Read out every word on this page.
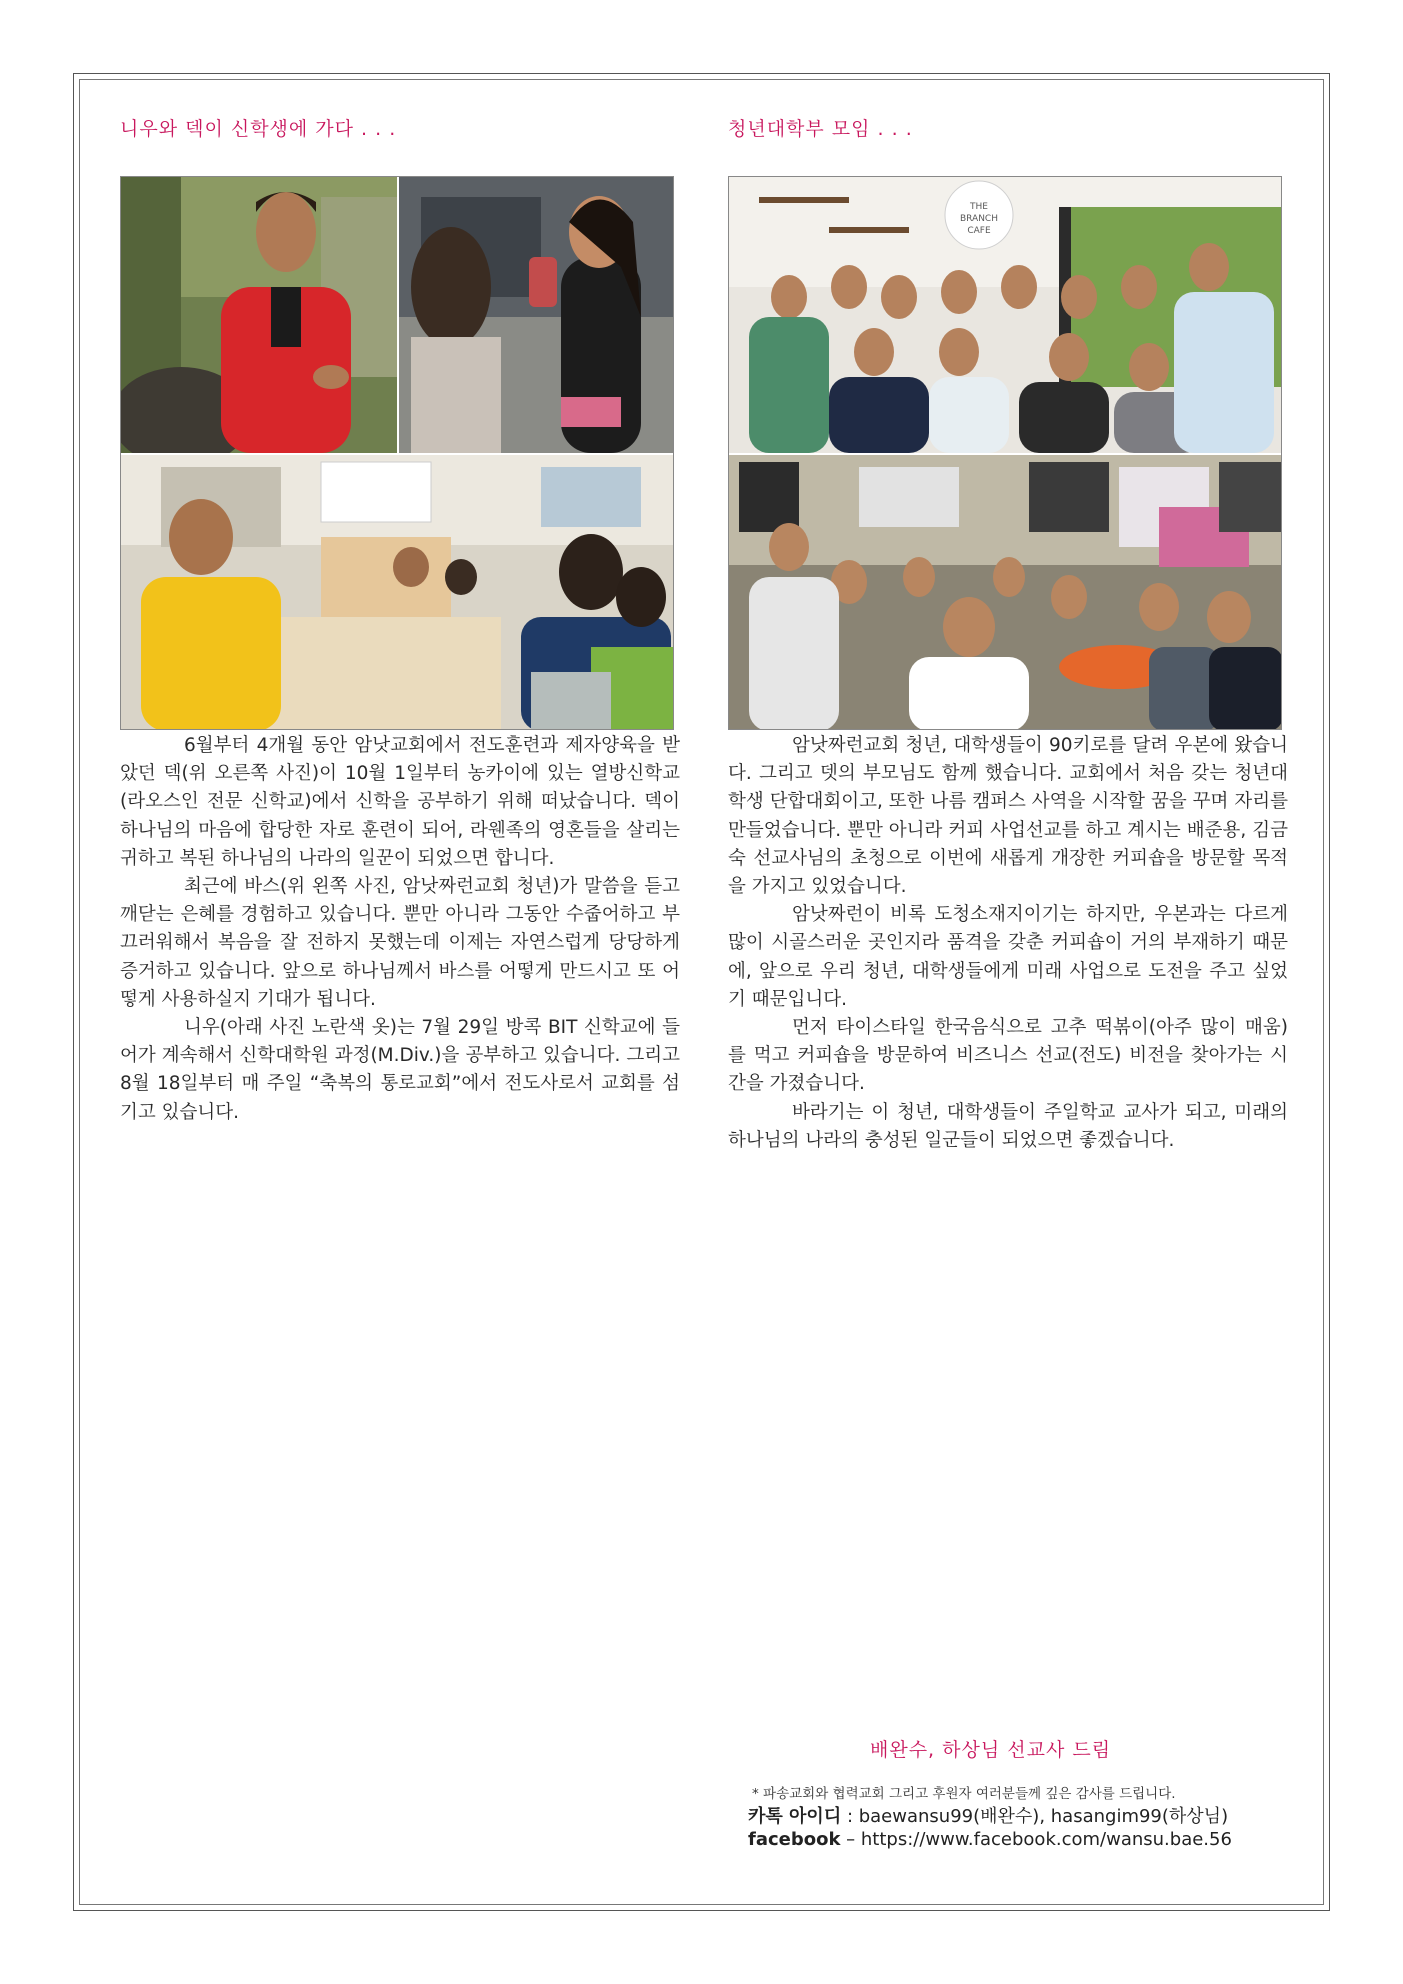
니우와 덱이 신학생에 가다 . . .

6월부터 4개월 동안 암낫교회에서 전도훈련과 제자양육을 받았던 덱(위 오른쪽 사진)이 10월 1일부터 농카이에 있는 열방신학교(라오스인 전문 신학교)에서 신학을 공부하기 위해 떠났습니다. 덱이 하나님의 마음에 합당한 자로 훈련이 되어, 라웬족의 영혼들을 살리는 귀하고 복된 하나님의 나라의 일꾼이 되었으면 합니다.

최근에 바스(위 왼쪽 사진, 암낫짜런교회 청년)가 말씀을 듣고 깨닫는 은혜를 경험하고 있습니다. 뿐만 아니라 그동안 수줍어하고 부끄러워해서 복음을 잘 전하지 못했는데 이제는 자연스럽게 당당하게 증거하고 있습니다. 앞으로 하나님께서 바스를 어떻게 만드시고 또 어떻게 사용하실지 기대가 됩니다.

니우(아래 사진 노란색 옷)는 7월 29일 방콕 BIT 신학교에 들어가 계속해서 신학대학원 과정(M.Div.)을 공부하고 있습니다. 그리고 8월 18일부터 매 주일 “축복의 통로교회”에서 전도사로서 교회를 섬기고 있습니다.

청년대학부 모임 . . .
THE
BRANCH
CAFE

암낫짜런교회 청년, 대학생들이 90키로를 달려 우본에 왔습니다. 그리고 뎃의 부모님도 함께 했습니다. 교회에서 처음 갖는 청년대학생 단합대회이고, 또한 나름 캠퍼스 사역을 시작할 꿈을 꾸며 자리를 만들었습니다. 뿐만 아니라 커피 사업선교를 하고 계시는 배준용, 김금숙 선교사님의 초청으로 이번에 새롭게 개장한 커피숍을 방문할 목적을 가지고 있었습니다.

암낫짜런이 비록 도청소재지이기는 하지만, 우본과는 다르게 많이 시골스러운 곳인지라 품격을 갖춘 커피숍이 거의 부재하기 때문에, 앞으로 우리 청년, 대학생들에게 미래 사업으로 도전을 주고 싶었기 때문입니다.

먼저 타이스타일 한국음식으로 고추 떡볶이(아주 많이 매움)를 먹고 커피숍을 방문하여 비즈니스 선교(전도) 비전을 찾아가는 시간을 가졌습니다.

바라기는 이 청년, 대학생들이 주일학교 교사가 되고, 미래의 하나님의 나라의 충성된 일군들이 되었으면 좋겠습니다.

배완수, 하상님 선교사 드림
* 파송교회와 협력교회 그리고 후원자 여러분들께 깊은 감사를 드립니다.
카톡 아이디 : baewansu99(배완수), hasangim99(하상님)
facebook – https://www.facebook.com/wansu.bae.56
